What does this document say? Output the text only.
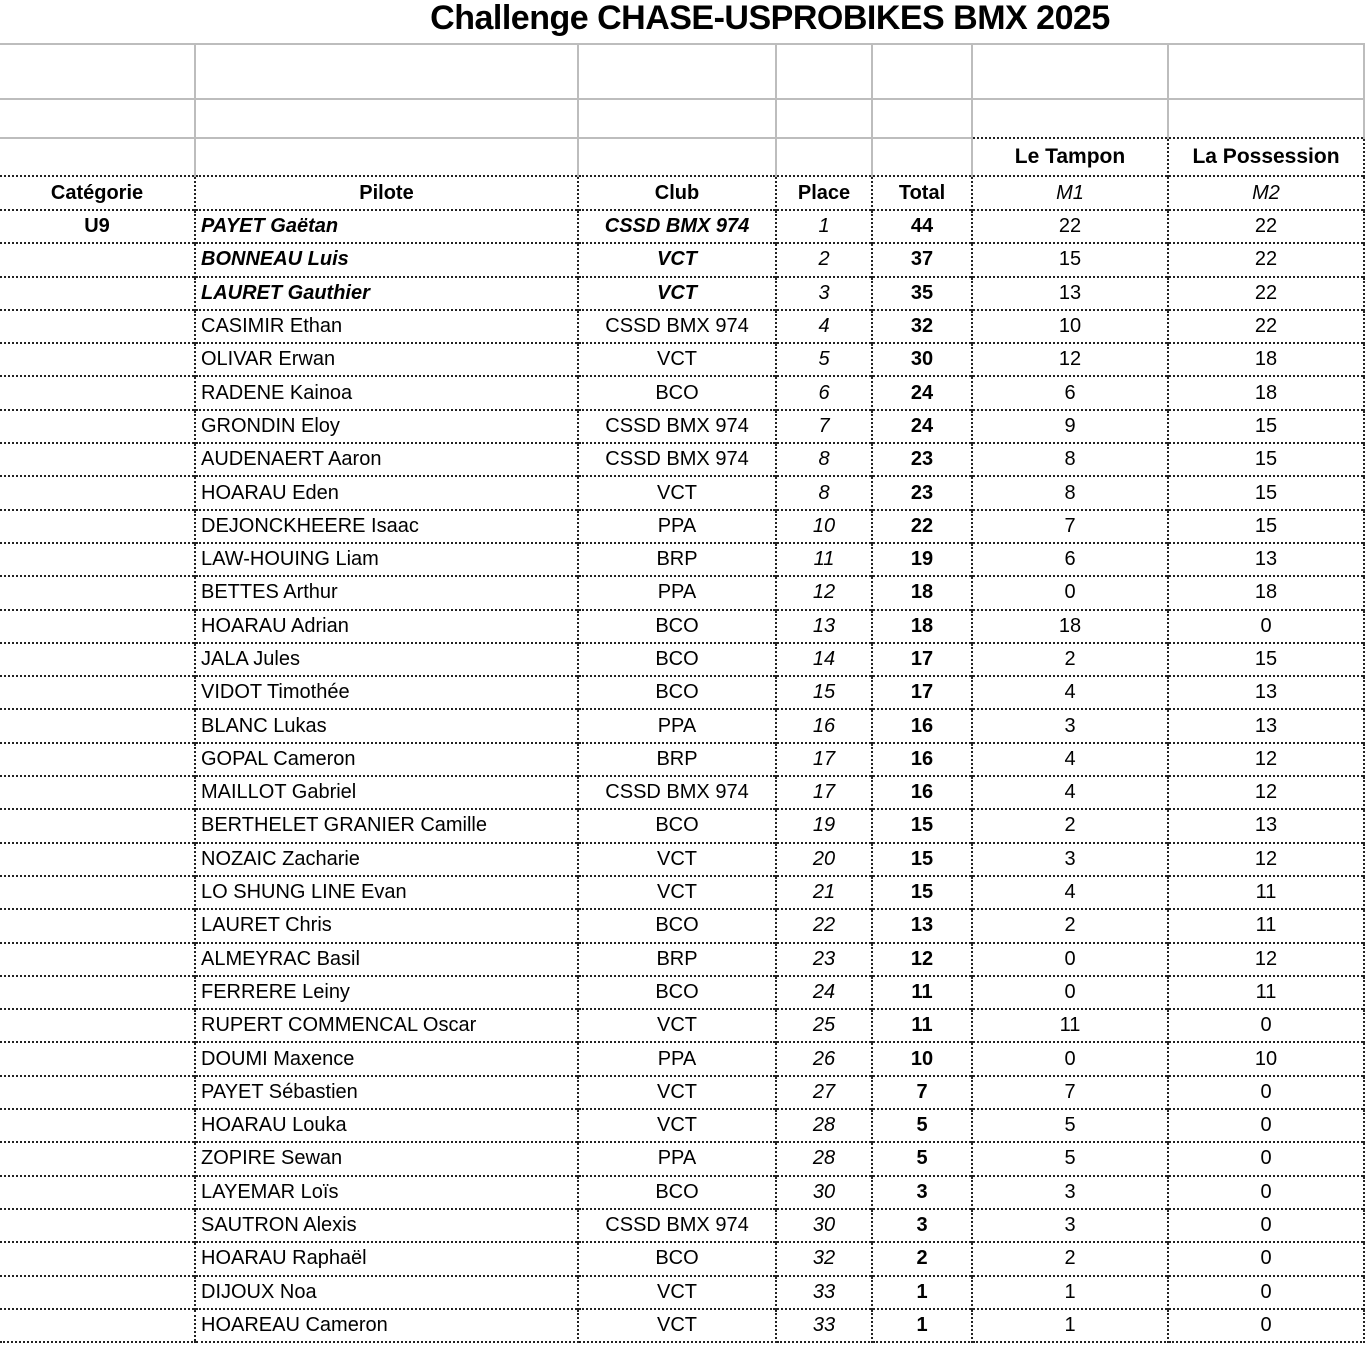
Challenge CHASE-USPROBIKES BMX 2025

					Le Tampon	La Possession
Catégorie	Pilote	Club	Place	Total	M1	M2
U9	PAYET Gaëtan	CSSD BMX 974	1	44	22	22
	BONNEAU Luis	VCT	2	37	15	22
	LAURET Gauthier	VCT	3	35	13	22
	CASIMIR Ethan	CSSD BMX 974	4	32	10	22
	OLIVAR Erwan	VCT	5	30	12	18
	RADENE Kainoa	BCO	6	24	6	18
	GRONDIN Eloy	CSSD BMX 974	7	24	9	15
	AUDENAERT Aaron	CSSD BMX 974	8	23	8	15
	HOARAU Eden	VCT	8	23	8	15
	DEJONCKHEERE Isaac	PPA	10	22	7	15
	LAW-HOUING Liam	BRP	11	19	6	13
	BETTES Arthur	PPA	12	18	0	18
	HOARAU Adrian	BCO	13	18	18	0
	JALA Jules	BCO	14	17	2	15
	VIDOT Timothée	BCO	15	17	4	13
	BLANC Lukas	PPA	16	16	3	13
	GOPAL Cameron	BRP	17	16	4	12
	MAILLOT Gabriel	CSSD BMX 974	17	16	4	12
	BERTHELET GRANIER Camille	BCO	19	15	2	13
	NOZAIC Zacharie	VCT	20	15	3	12
	LO SHUNG LINE Evan	VCT	21	15	4	11
	LAURET Chris	BCO	22	13	2	11
	ALMEYRAC Basil	BRP	23	12	0	12
	FERRERE Leiny	BCO	24	11	0	11
	RUPERT COMMENCAL Oscar	VCT	25	11	11	0
	DOUMI Maxence	PPA	26	10	0	10
	PAYET Sébastien	VCT	27	7	7	0
	HOARAU Louka	VCT	28	5	5	0
	ZOPIRE Sewan	PPA	28	5	5	0
	LAYEMAR Loïs	BCO	30	3	3	0
	SAUTRON Alexis	CSSD BMX 974	30	3	3	0
	HOARAU Raphaël	BCO	32	2	2	0
	DIJOUX Noa	VCT	33	1	1	0
	HOAREAU Cameron	VCT	33	1	1	0
